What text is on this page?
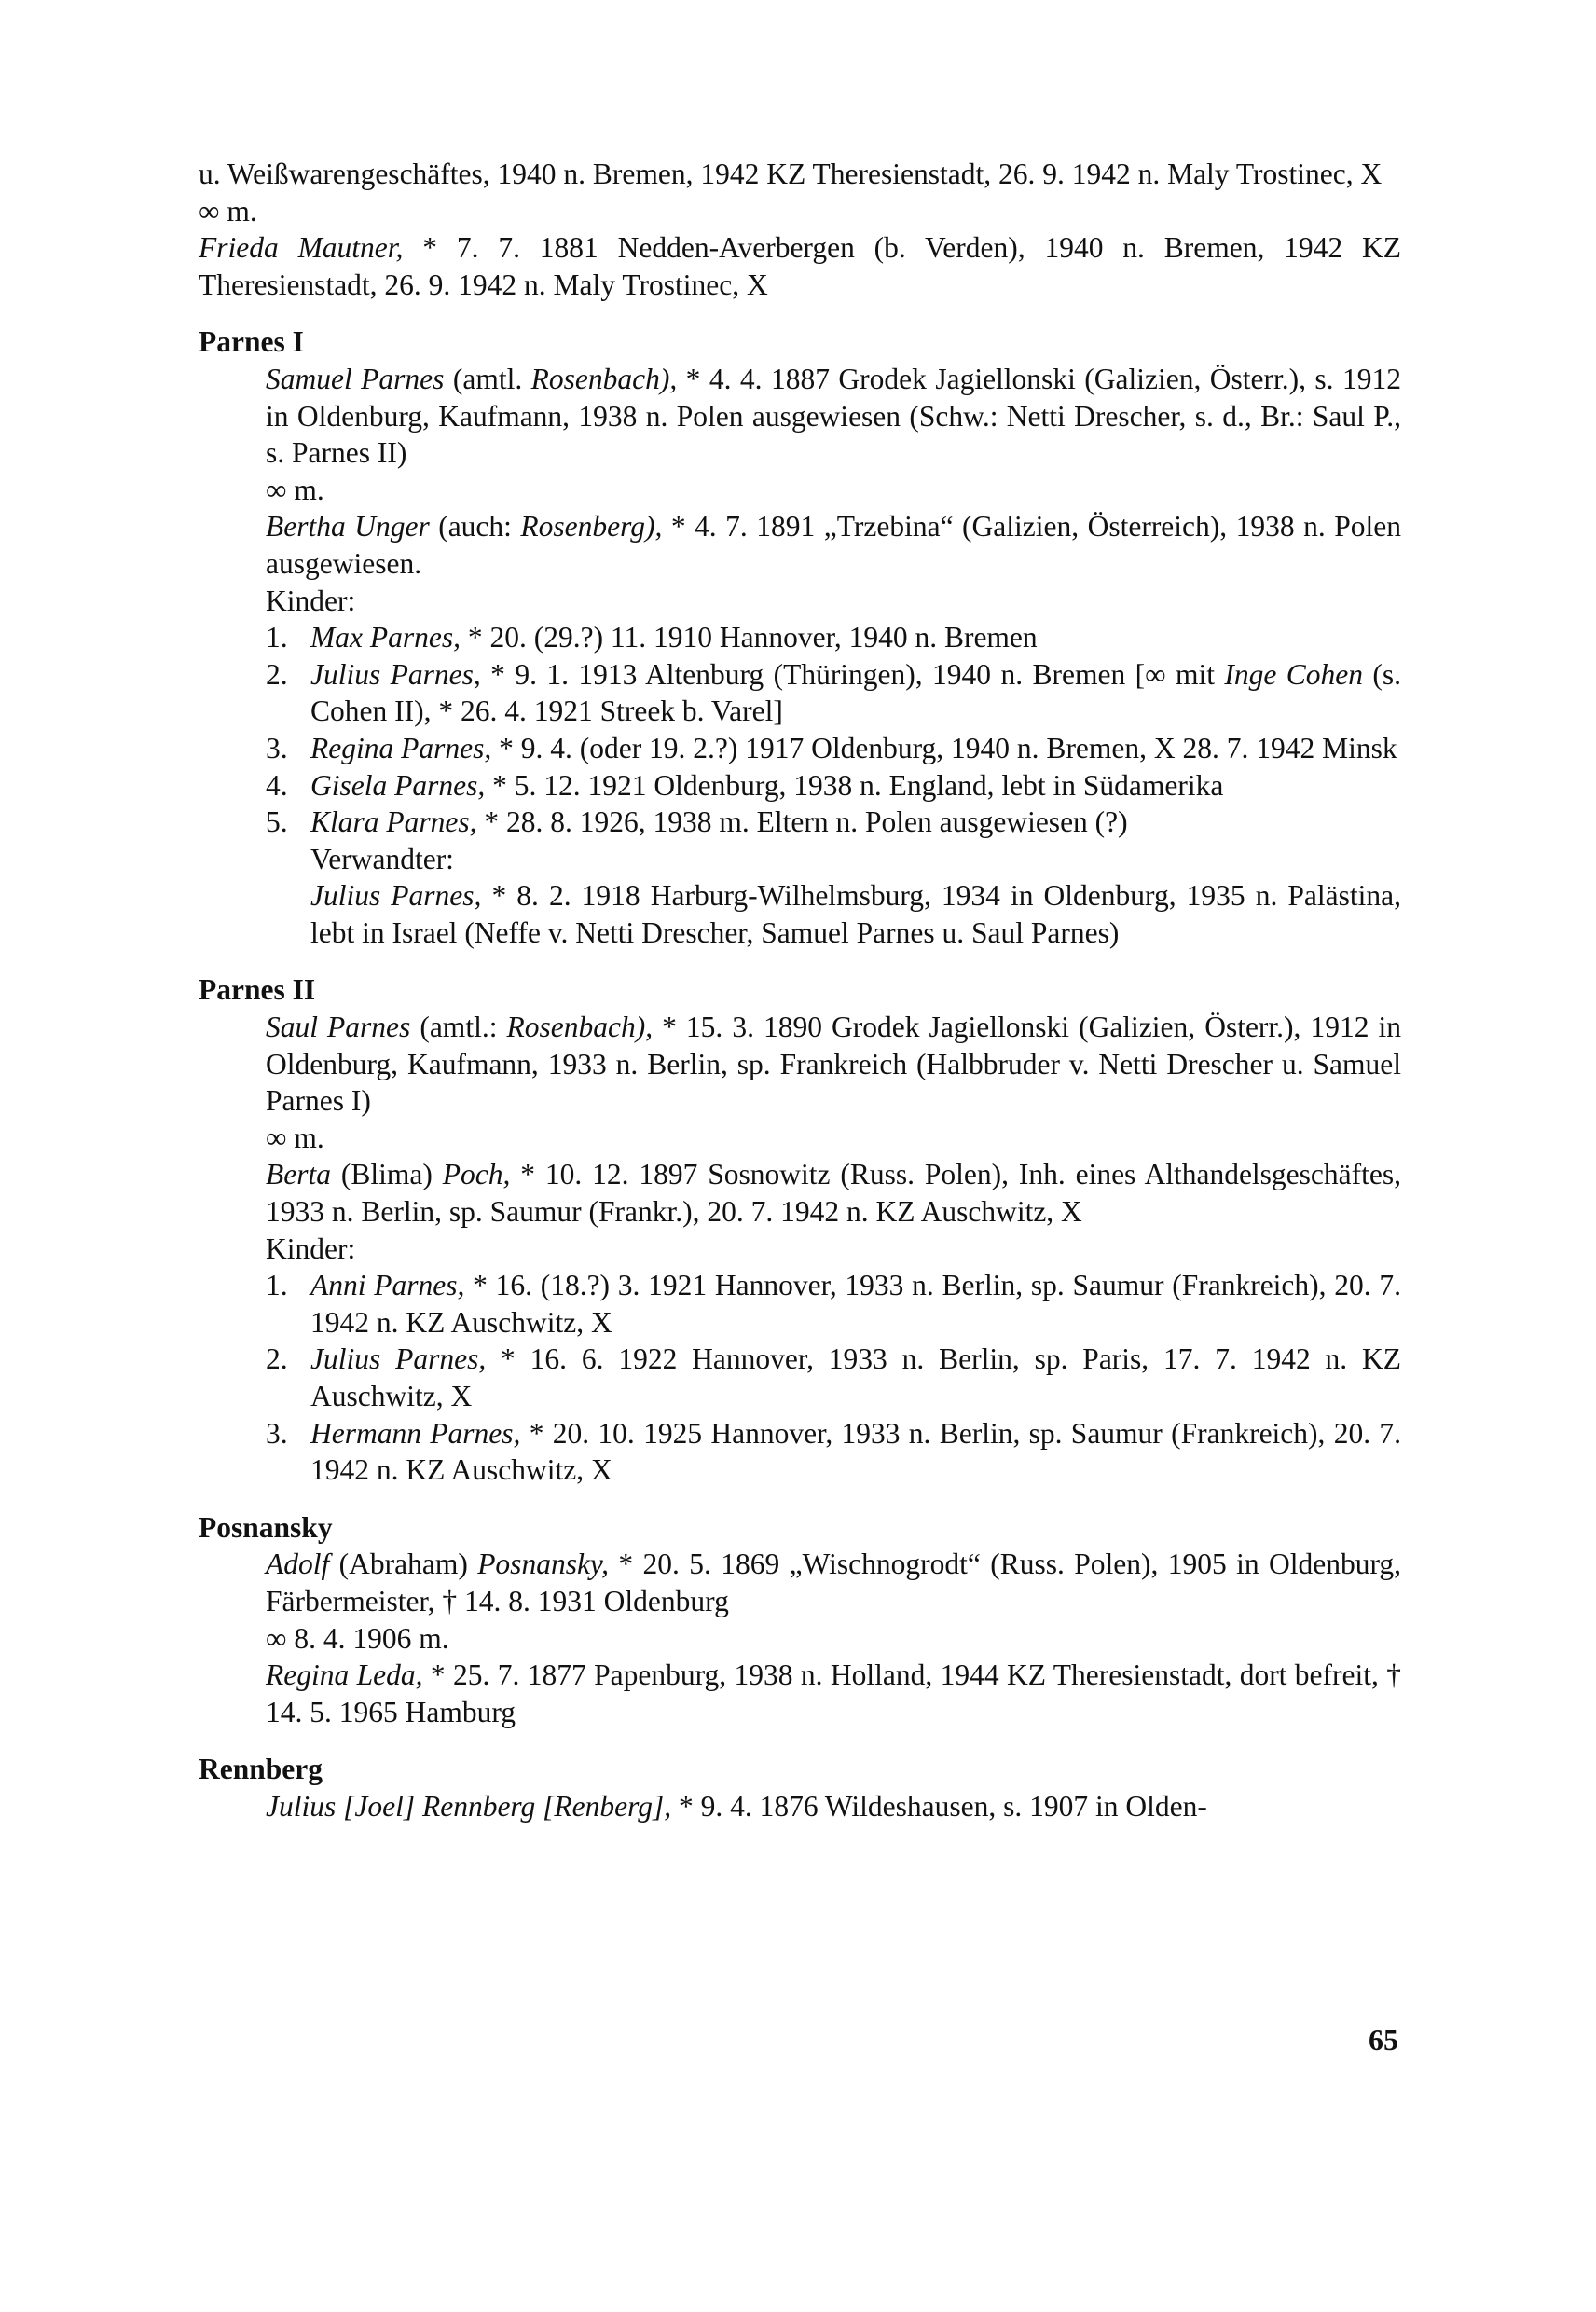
u. Weißwarengeschäftes, 1940 n. Bremen, 1942 KZ Theresienstadt, 26. 9. 1942 n. Maly Trostinec, X

∞ m.

Frieda Mautner, * 7. 7. 1881 Nedden-Averbergen (b. Verden), 1940 n. Bremen, 1942 KZ Theresienstadt, 26. 9. 1942 n. Maly Trostinec, X

Parnes I

Samuel Parnes (amtl. Rosenbach), * 4. 4. 1887 Grodek Jagiellonski (Galizien, Österr.), s. 1912 in Oldenburg, Kaufmann, 1938 n. Polen ausgewiesen (Schw.: Netti Drescher, s. d., Br.: Saul P., s. Parnes II)

∞ m.

Bertha Unger (auch: Rosenberg), * 4. 7. 1891 „Trzebina“ (Galizien, Österreich), 1938 n. Polen ausgewiesen.

Kinder:

1. Max Parnes, * 20. (29.?) 11. 1910 Hannover, 1940 n. Bremen

2. Julius Parnes, * 9. 1. 1913 Altenburg (Thüringen), 1940 n. Bremen [∞ mit Inge Cohen (s. Cohen II), * 26. 4. 1921 Streek b. Varel]

3. Regina Parnes, * 9. 4. (oder 19. 2.?) 1917 Oldenburg, 1940 n. Bremen, X 28. 7. 1942 Minsk

4. Gisela Parnes, * 5. 12. 1921 Oldenburg, 1938 n. England, lebt in Südamerika

5. Klara Parnes, * 28. 8. 1926, 1938 m. Eltern n. Polen ausgewiesen (?)

Verwandter:

Julius Parnes, * 8. 2. 1918 Harburg-Wilhelmsburg, 1934 in Oldenburg, 1935 n. Palästina, lebt in Israel (Neffe v. Netti Drescher, Samuel Parnes u. Saul Parnes)

Parnes II

Saul Parnes (amtl.: Rosenbach), * 15. 3. 1890 Grodek Jagiellonski (Galizien, Österr.), 1912 in Oldenburg, Kaufmann, 1933 n. Berlin, sp. Frankreich (Halbbruder v. Netti Drescher u. Samuel Parnes I)

∞ m.

Berta (Blima) Poch, * 10. 12. 1897 Sosnowitz (Russ. Polen), Inh. eines Althandelsgeschäftes, 1933 n. Berlin, sp. Saumur (Frankr.), 20. 7. 1942 n. KZ Auschwitz, X

Kinder:

1. Anni Parnes, * 16. (18.?) 3. 1921 Hannover, 1933 n. Berlin, sp. Saumur (Frankreich), 20. 7. 1942 n. KZ Auschwitz, X

2. Julius Parnes, * 16. 6. 1922 Hannover, 1933 n. Berlin, sp. Paris, 17. 7. 1942 n. KZ Auschwitz, X

3. Hermann Parnes, * 20. 10. 1925 Hannover, 1933 n. Berlin, sp. Saumur (Frankreich), 20. 7. 1942 n. KZ Auschwitz, X

Posnansky

Adolf (Abraham) Posnansky, * 20. 5. 1869 „Wischnogrodt“ (Russ. Polen), 1905 in Oldenburg, Färbermeister, † 14. 8. 1931 Oldenburg

∞ 8. 4. 1906 m.

Regina Leda, * 25. 7. 1877 Papenburg, 1938 n. Holland, 1944 KZ Theresienstadt, dort befreit, † 14. 5. 1965 Hamburg

Rennberg

Julius [Joel] Rennberg [Renberg], * 9. 4. 1876 Wildeshausen, s. 1907 in Olden-

65
